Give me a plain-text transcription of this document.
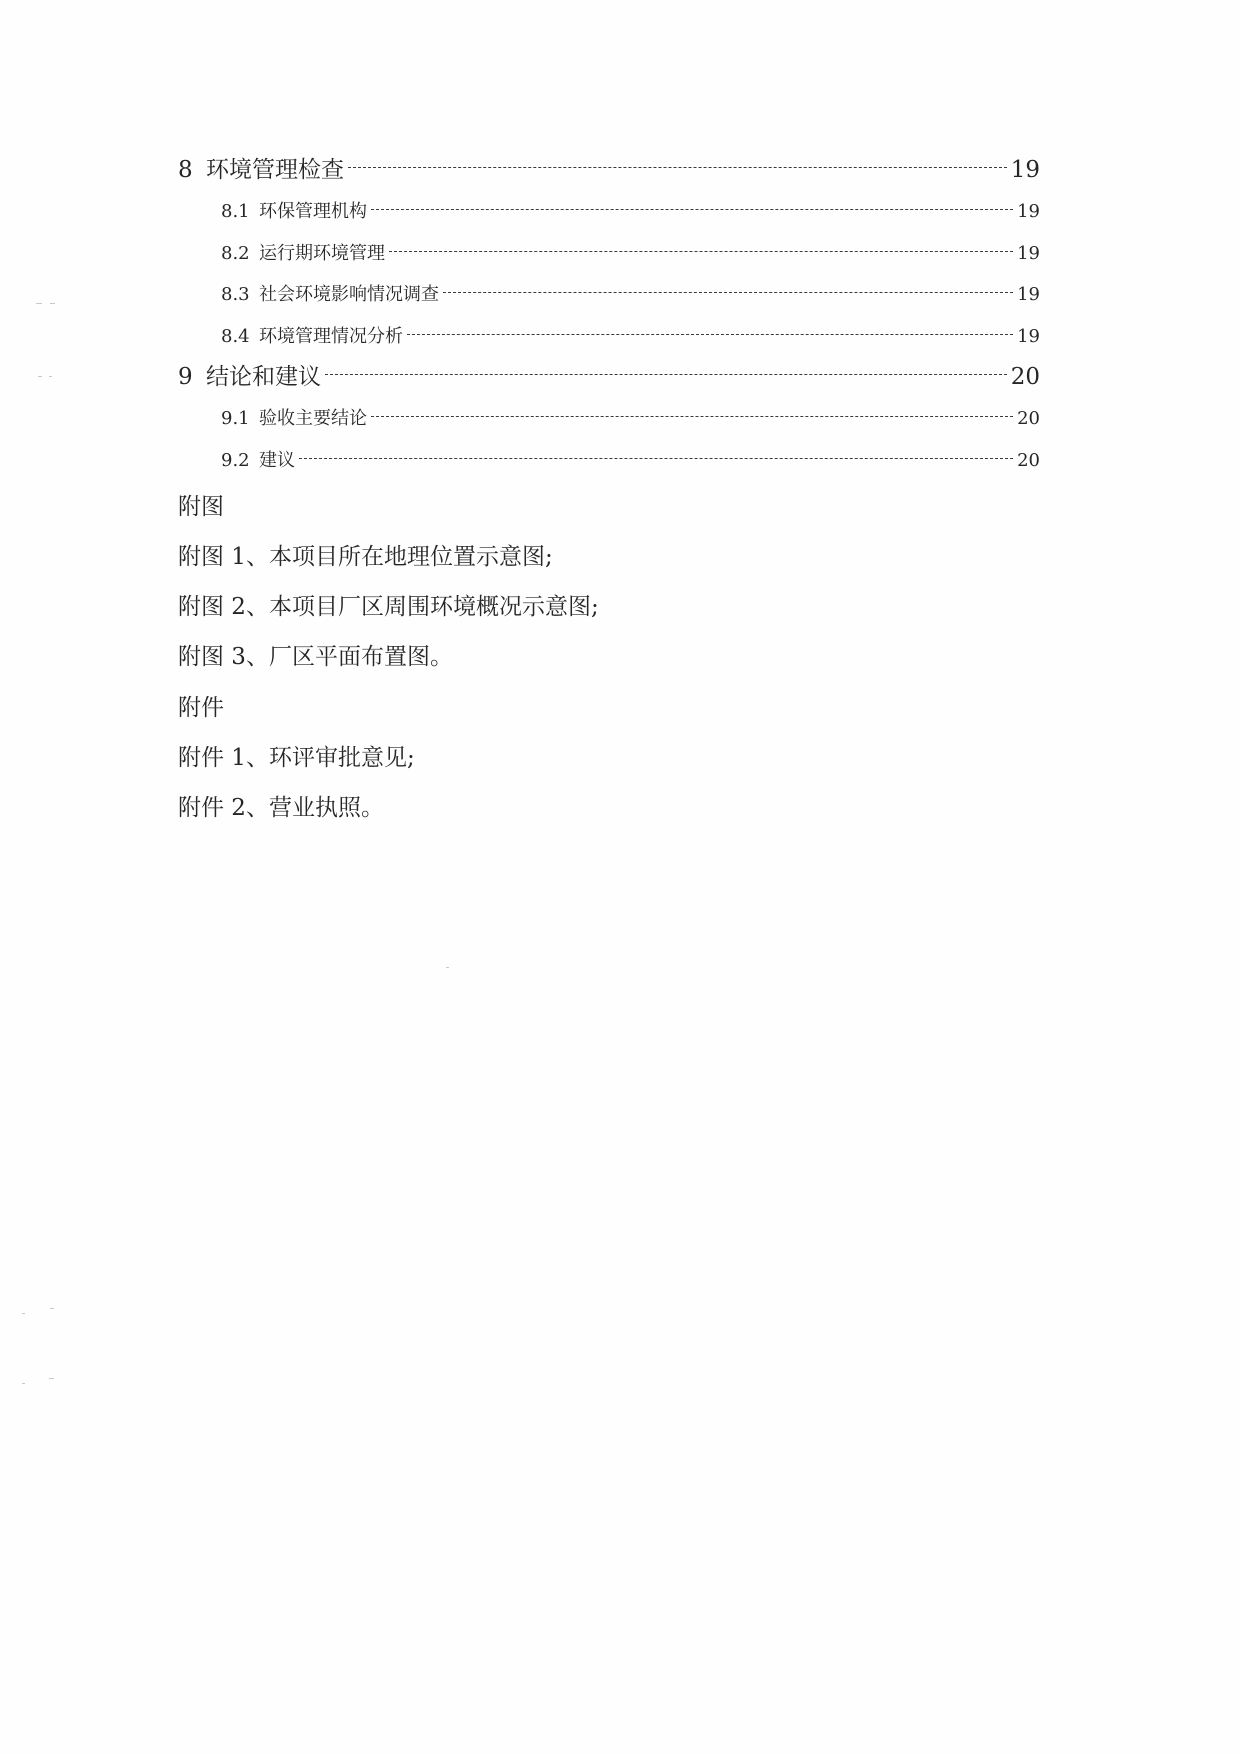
8 环境管理检查	19
8.1 环保管理机构	19
8.2 运行期环境管理	19
8.3 社会环境影响情况调查	19
8.4 环境管理情况分析	19
9 结论和建议	20
9.1 验收主要结论	20
9.2 建议	20
附图
附图 1、本项目所在地理位置示意图;
附图 2、本项目厂区周围环境概况示意图;
附图 3、厂区平面布置图。
附件
附件 1、环评审批意见;
附件 2、营业执照。
